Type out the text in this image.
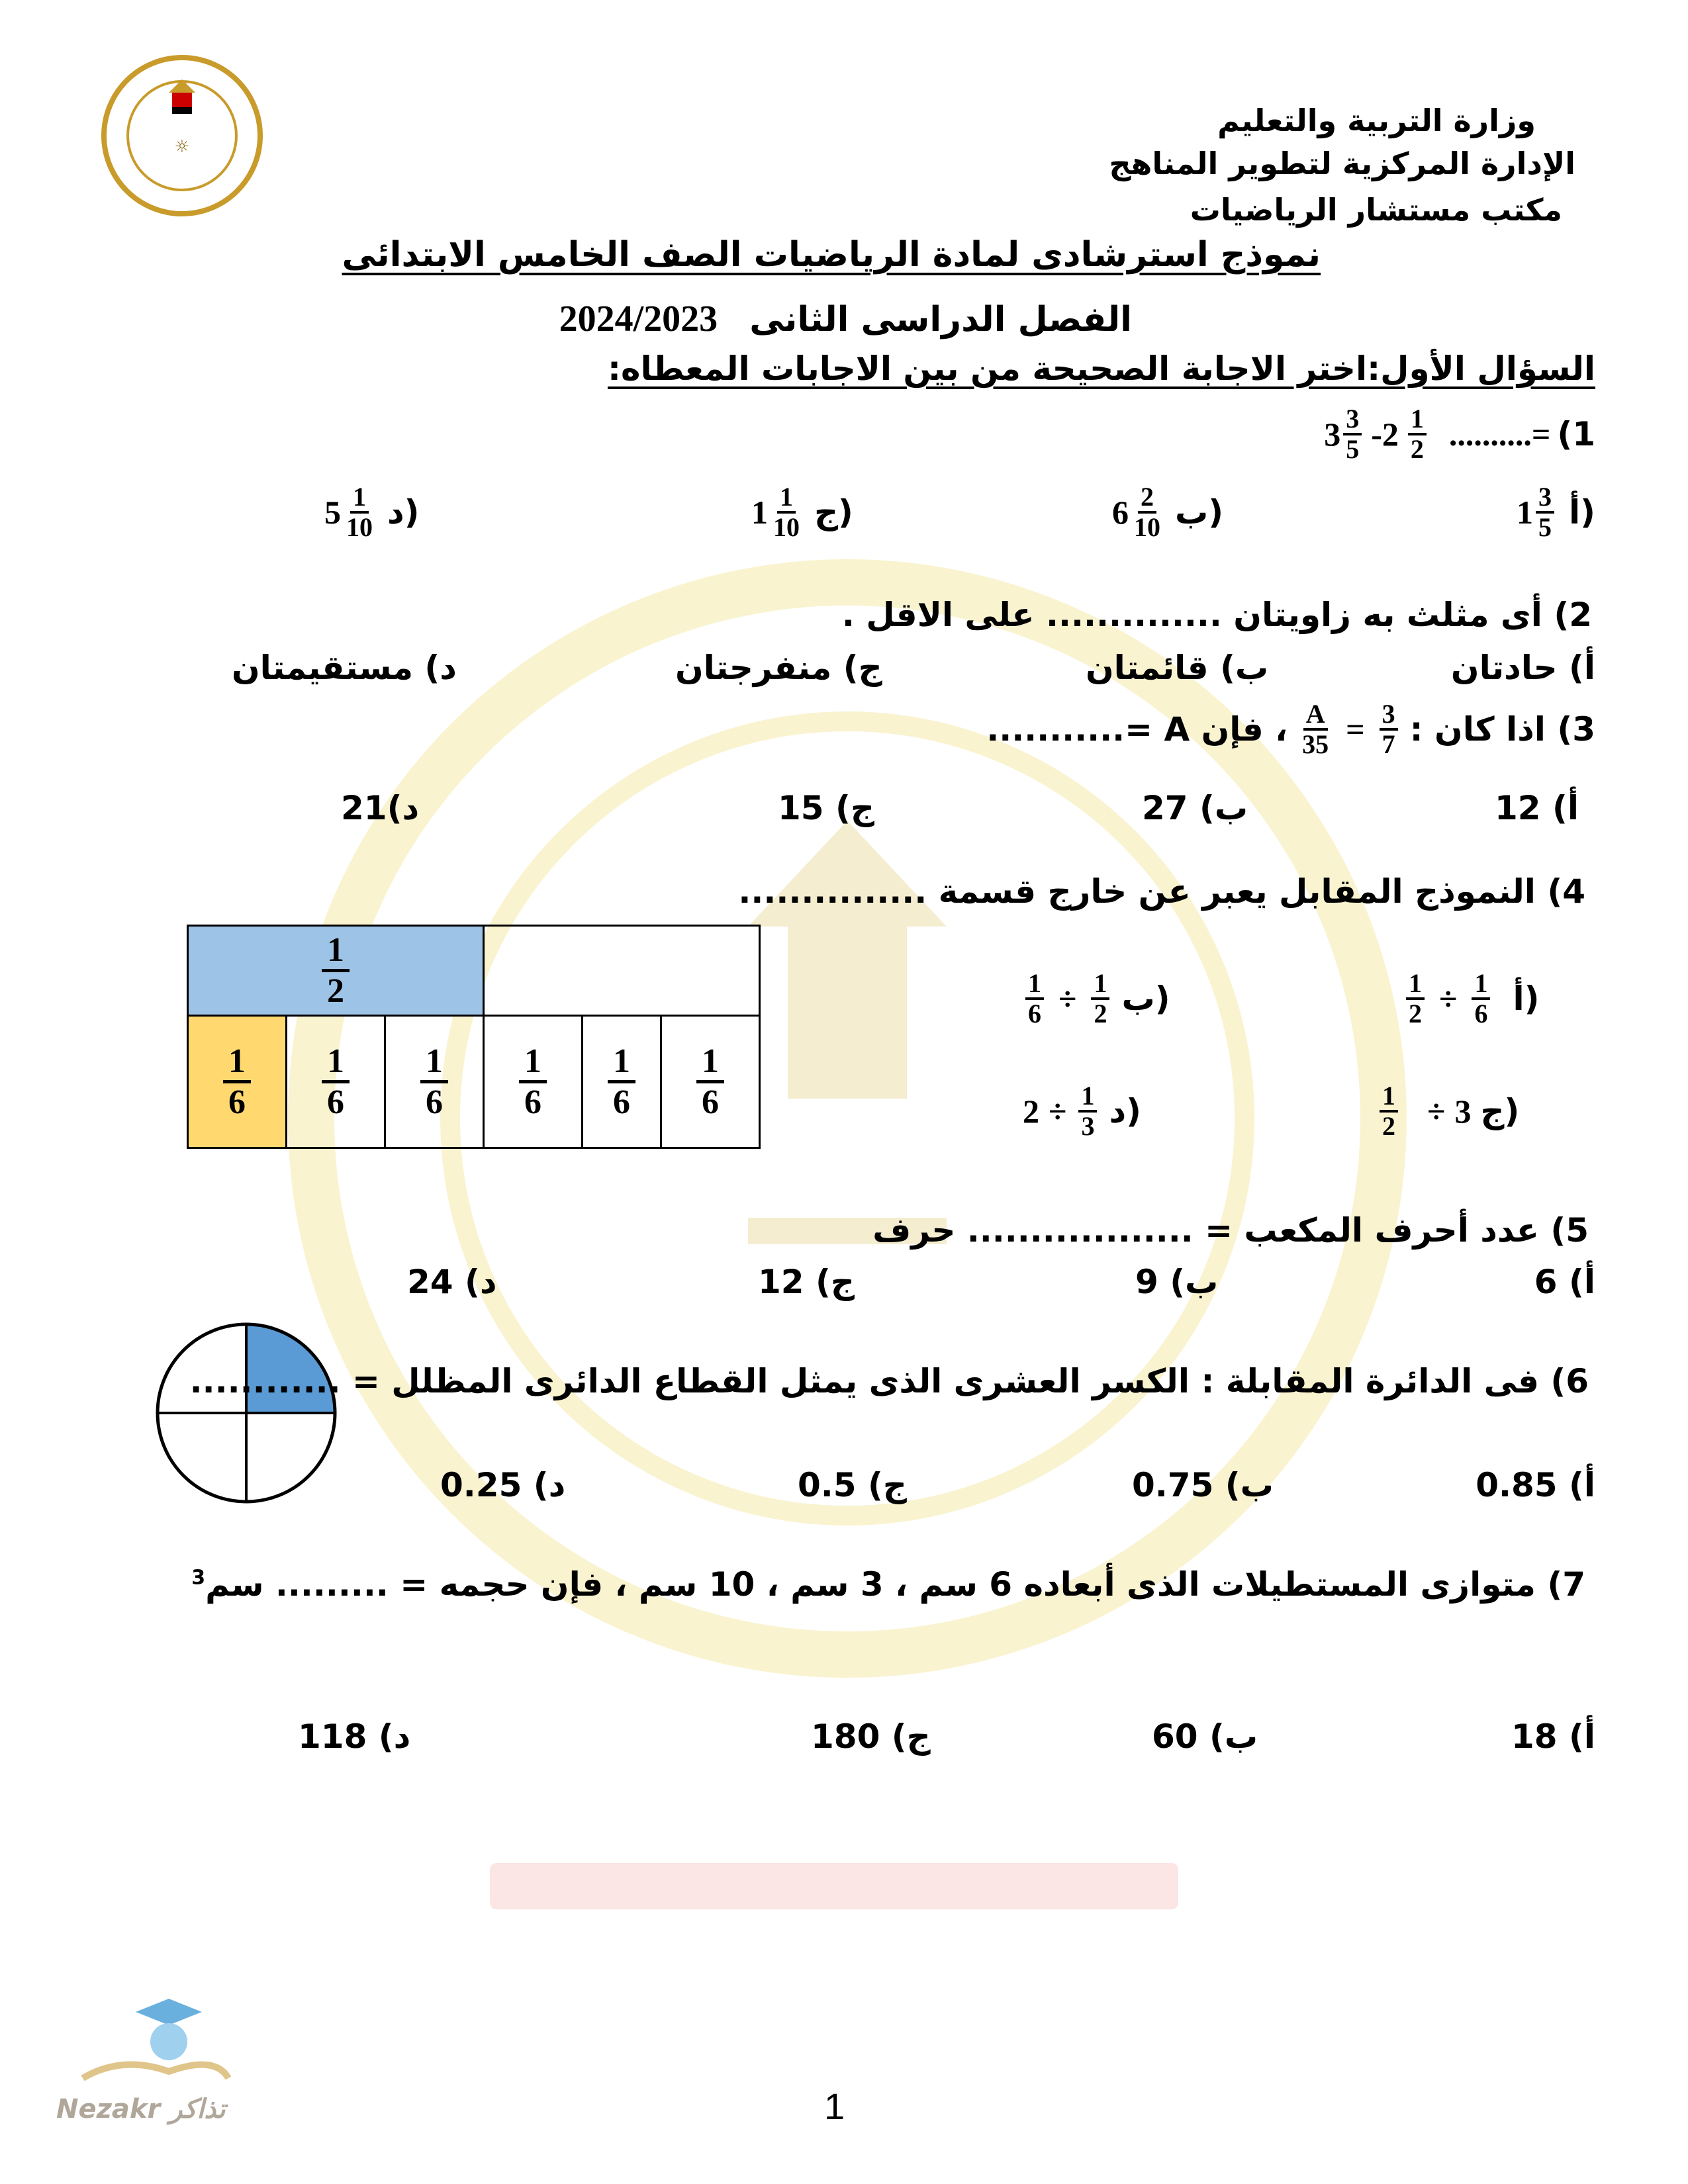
☼
وزارة التربية والتعليم
الإدارة المركزية لتطوير المناهج
مكتب مستشار الرياضيات
نموذج استرشادى لمادة الرياضيات الصف الخامس الابتدائى
الفصل الدراسى الثانى 2024/2023
السؤال الأول:اختر الاجابة الصحيحة من بين الاجابات المعطاه:
1)
=..........
$3 \frac{3}{5} -2 \frac{1}{2}$
$1 \frac{3}{5}$ أ)
$6 \frac{2}{10}$ ب)
$1 \frac{1}{10}$ ج)
$5 \frac{1}{10}$ د)
2) أى مثلث به زاويتان .............. على الاقل .
أ) حادتان
ب) قائمتان
ج) منفرجتان
د) مستقيمتان
3) اذا كان :
$\frac{A}{35} = \frac{3}{7}$
، فإن A =...........
أ) 12
ب) 27
ج) 15
د)21
4) النموذج المقابل يعبر عن خارج قسمة ...............
$\frac{1}{2}$

$\frac{1}{6}$	$\frac{1}{6}$	$\frac{1}{6}$	$\frac{1}{6}$	$\frac{1}{6}$	$\frac{1}{6}$
$\frac{1}{2} \div \frac{1}{6}$ أ)
$\frac{1}{6} \div \frac{1}{2}$ ب)
$\frac{1}{2} \div 3$ ج)
$2 \div \frac{1}{3}$ د)
5) عدد أحرف المكعب = .................. حرف
أ) 6
ب) 9
ج) 12
د) 24
6) فى الدائرة المقابلة : الكسر العشرى الذى يمثل القطاع الدائرى المظلل = ............
أ) 0.85
ب) 0.75
ج) 0.5
د) 0.25
7) متوازى المستطيلات الذى أبعاده 6 سم ، 3 سم ، 10 سم ، فإن حجمه = ......... سم$^3$
أ) 18
ب) 60
ج) 180
د) 118
Nezakr تذاكر	1
